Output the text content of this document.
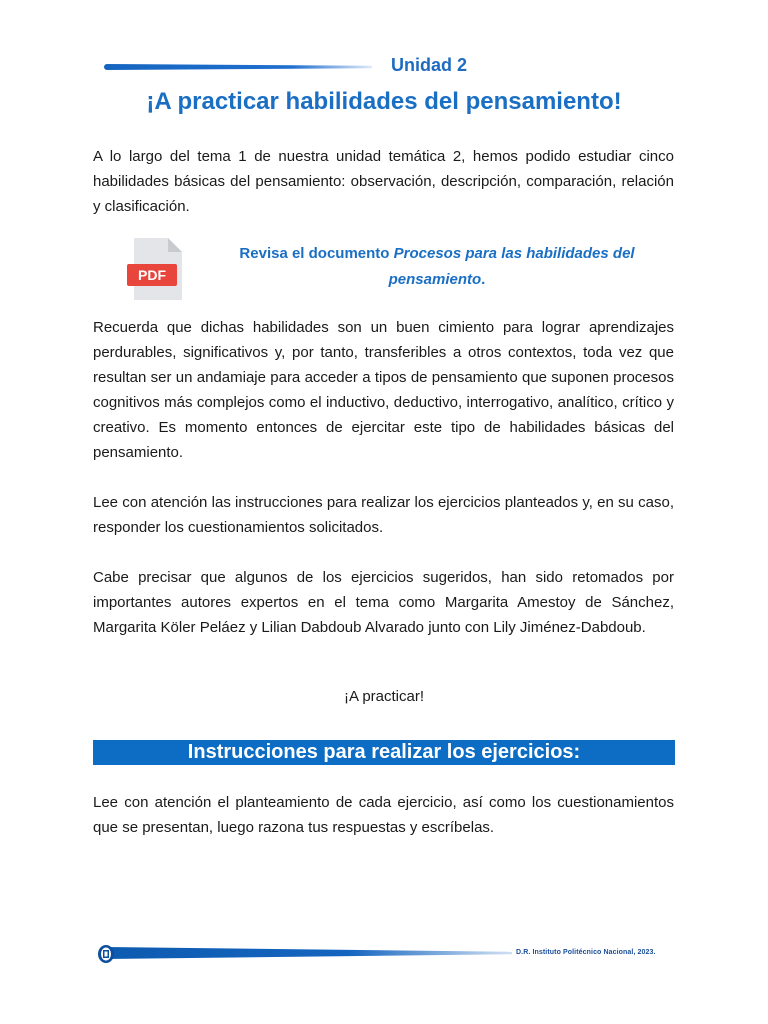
Unidad 2
¡A practicar habilidades del pensamiento!
A lo largo del tema 1 de nuestra unidad temática 2, hemos podido estudiar cinco habilidades básicas del pensamiento: observación, descripción, comparación, relación y clasificación.
PDF
Revisa el documento Procesos para las habilidades del pensamiento.
Recuerda que dichas habilidades son un buen cimiento para lograr aprendizajes perdurables, significativos y, por tanto, transferibles a otros contextos, toda vez que resultan ser un andamiaje para acceder a tipos de pensamiento que suponen procesos cognitivos más complejos como el inductivo, deductivo, interrogativo, analítico, crítico y creativo. Es momento entonces de ejercitar este tipo de habilidades básicas del pensamiento.
Lee con atención las instrucciones para realizar los ejercicios planteados y, en su caso, responder los cuestionamientos solicitados.
Cabe precisar que algunos de los ejercicios sugeridos, han sido retomados por importantes autores expertos en el tema como Margarita Amestoy de Sánchez, Margarita Köler Peláez y Lilian Dabdoub Alvarado junto con Lily Jiménez-Dabdoub.
¡A practicar!
Instrucciones para realizar los ejercicios:
Lee con atención el planteamiento de cada ejercicio, así como los cuestionamientos que se presentan, luego razona tus respuestas y escríbelas.
D.R. Instituto Politécnico Nacional, 2023.
